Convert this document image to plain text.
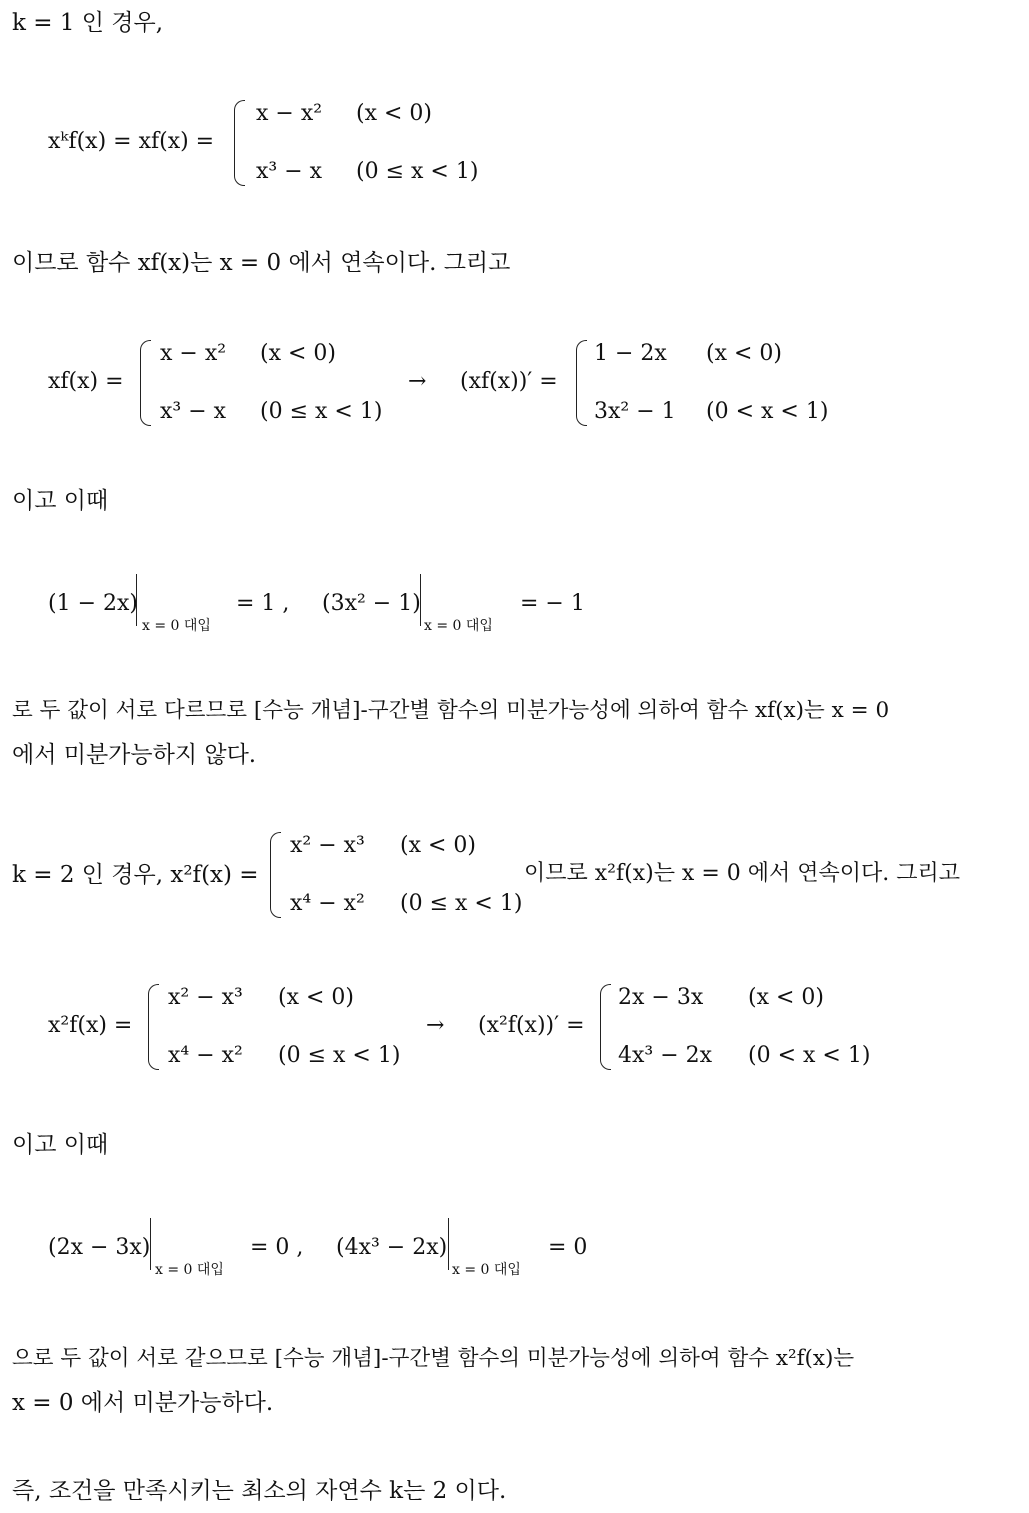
k = 1 인 경우,
xᵏf(x) = xf(x) =
x − x² (x < 0)
x³ − x (0 ≤ x < 1)
이므로 함수 xf(x)는 x = 0 에서 연속이다. 그리고
xf(x) =
x − x² (x < 0)
x³ − x (0 ≤ x < 1)
→ (xf(x))′ =
1 − 2x (x < 0)
3x² − 1 (0 < x < 1)
이고 이때
(1 − 2x)
x = 0 대입
= 1 , (3x² − 1)
x = 0 대입
= − 1
로 두 값이 서로 다르므로 [수능 개념]-구간별 함수의 미분가능성에 의하여 함수 xf(x)는 x = 0
에서 미분가능하지 않다.
k = 2 인 경우, x²f(x) =
x² − x³ (x < 0)
x⁴ − x² (0 ≤ x < 1)
이므로 x²f(x)는 x = 0 에서 연속이다. 그리고
x²f(x) =
x² − x³ (x < 0)
x⁴ − x² (0 ≤ x < 1)
→ (x²f(x))′ =
2x − 3x (x < 0)
4x³ − 2x (0 < x < 1)
이고 이때
(2x − 3x)
x = 0 대입
= 0 , (4x³ − 2x)
x = 0 대입
= 0
으로 두 값이 서로 같으므로 [수능 개념]-구간별 함수의 미분가능성에 의하여 함수 x²f(x)는
x = 0 에서 미분가능하다.
즉, 조건을 만족시키는 최소의 자연수 k는 2 이다.
